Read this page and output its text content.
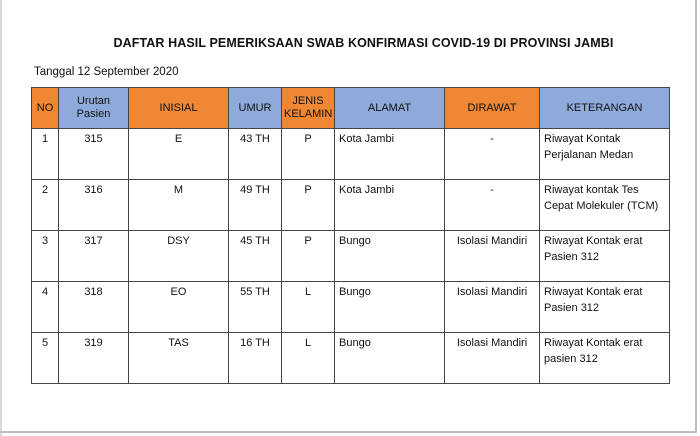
DAFTAR HASIL PEMERIKSAAN SWAB KONFIRMASI COVID-19 DI PROVINSI JAMBI
Tanggal 12 September 2020
NO	Urutan Pasien	INISIAL	UMUR	JENIS KELAMIN	ALAMAT	DIRAWAT	KETERANGAN
1	315	E	43 TH	P	Kota Jambi	-	Riwayat Kontak Perjalanan Medan
2	316	M	49 TH	P	Kota Jambi	-	Riwayat kontak Tes Cepat Molekuler (TCM)
3	317	DSY	45 TH	P	Bungo	Isolasi Mandiri	Riwayat Kontak erat Pasien 312
4	318	EO	55 TH	L	Bungo	Isolasi Mandiri	Riwayat Kontak erat Pasien 312
5	319	TAS	16 TH	L	Bungo	Isolasi Mandiri	Riwayat Kontak erat pasien 312
